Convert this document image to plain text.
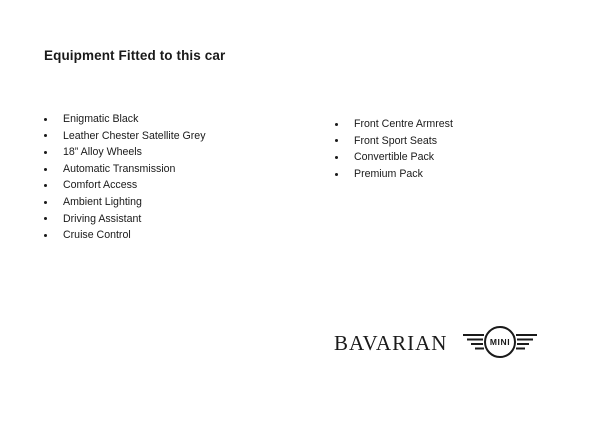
Equipment Fitted to this car
Enigmatic Black
Leather Chester Satellite Grey
18” Alloy Wheels
Automatic Transmission
Comfort Access
Ambient Lighting
Driving Assistant
Cruise Control
Front Centre Armrest
Front Sport Seats
Convertible Pack
Premium Pack
BAVARIAN	MINI
